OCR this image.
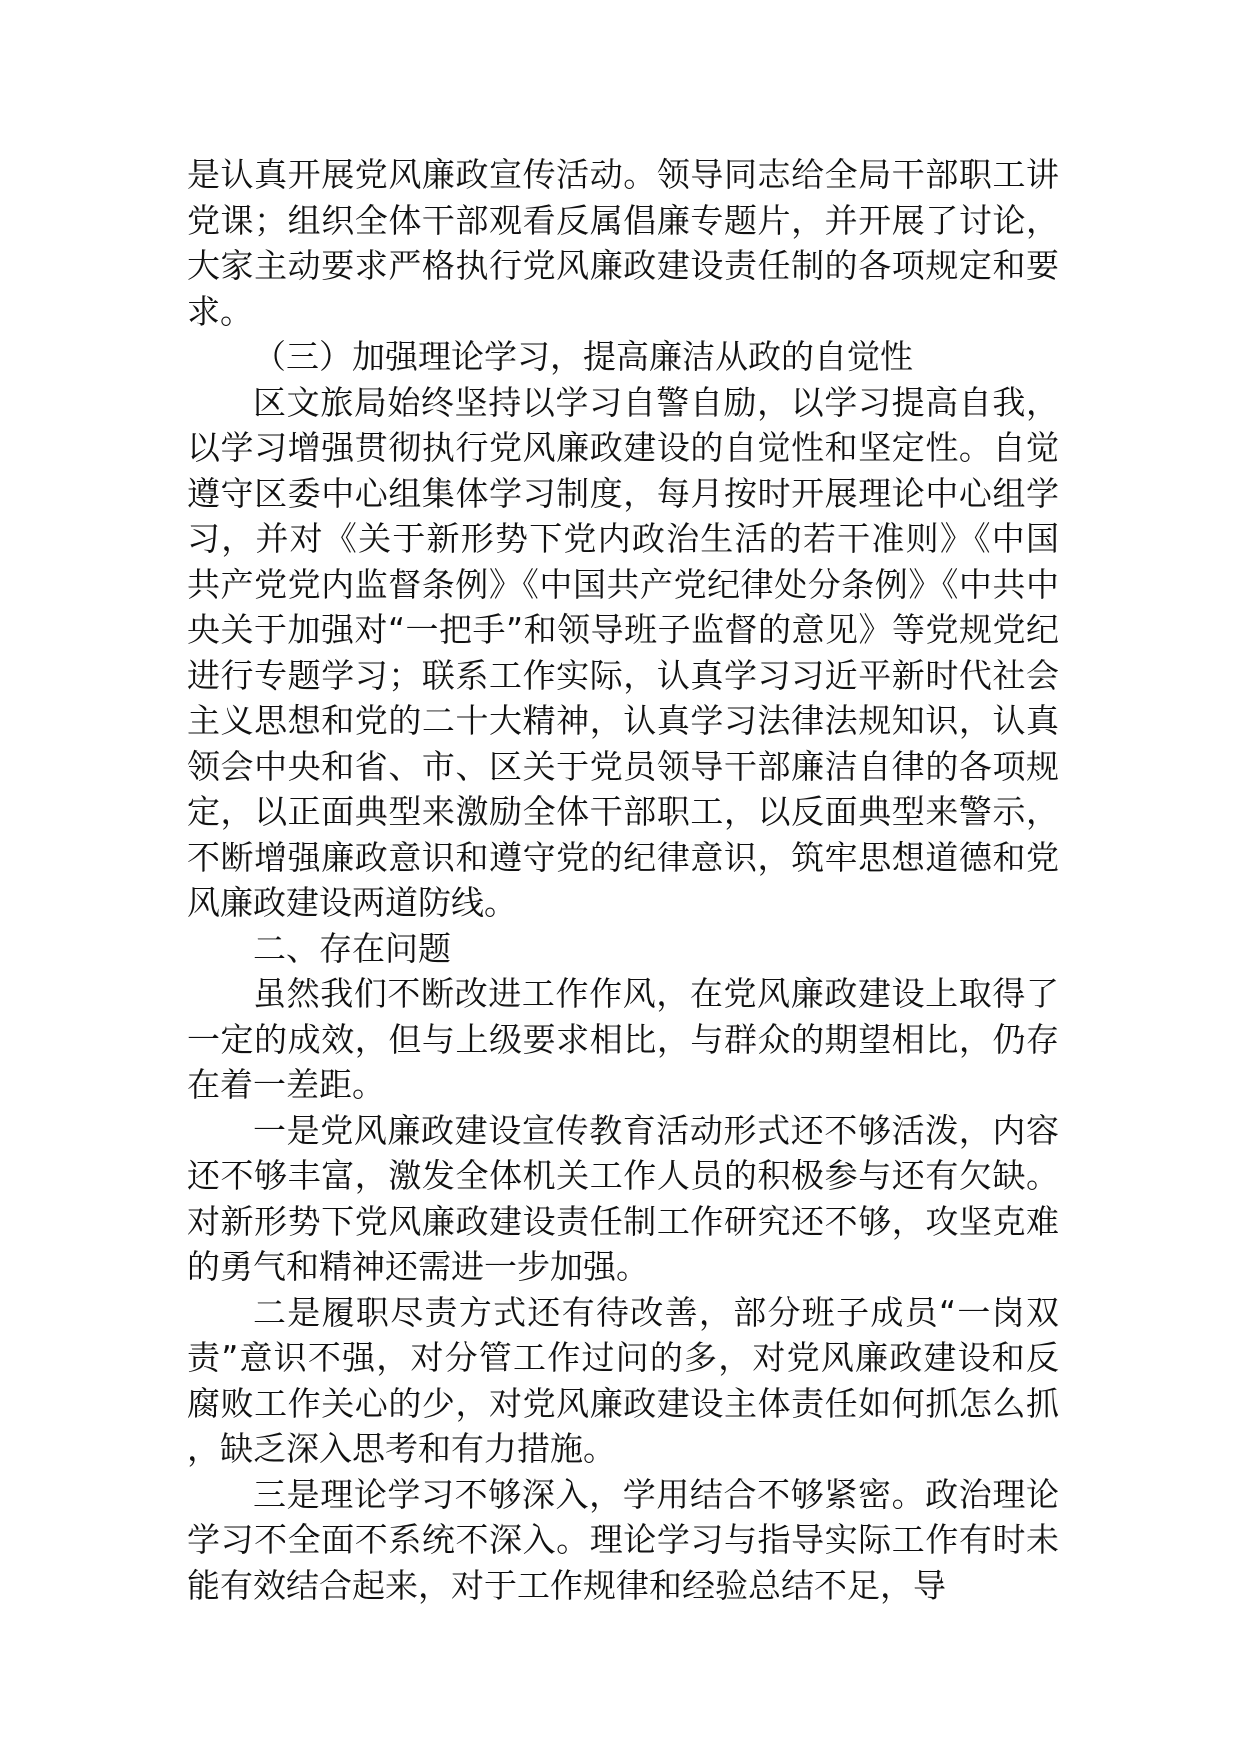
是认真开展党风廉政宣传活动。领导同志给全局干部职工讲党课；组织全体干部观看反属倡廉专题片，并开展了讨论，大家主动要求严格执行党风廉政建设责任制的各项规定和要求。

（三）加强理论学习，提高廉洁从政的自觉性

区文旅局始终坚持以学习自警自励，以学习提高自我，以学习增强贯彻执行党风廉政建设的自觉性和坚定性。自觉遵守区委中心组集体学习制度，每月按时开展理论中心组学习，并对《关于新形势下党内政治生活的若干准则》《中国共产党党内监督条例》《中国共产党纪律处分条例》《中共中央关于加强对“一把手”和领导班子监督的意见》等党规党纪进行专题学习；联系工作实际，认真学习习近平新时代社会主义思想和党的二十大精神，认真学习法律法规知识，认真领会中央和省、市、区关于党员领导干部廉洁自律的各项规定，以正面典型来激励全体干部职工，以反面典型来警示，不断增强廉政意识和遵守党的纪律意识，筑牢思想道德和党风廉政建设两道防线。

二、存在问题

虽然我们不断改进工作作风，在党风廉政建设上取得了一定的成效，但与上级要求相比，与群众的期望相比，仍存在着一差距。

一是党风廉政建设宣传教育活动形式还不够活泼，内容还不够丰富，激发全体机关工作人员的积极参与还有欠缺。对新形势下党风廉政建设责任制工作研究还不够，攻坚克难的勇气和精神还需进一步加强。

二是履职尽责方式还有待改善，部分班子成员“一岗双责”意识不强，对分管工作过问的多，对党风廉政建设和反腐败工作关心的少，对党风廉政建设主体责任如何抓怎么抓，缺乏深入思考和有力措施。

三是理论学习不够深入，学用结合不够紧密。政治理论学习不全面不系统不深入。理论学习与指导实际工作有时未能有效结合起来，对于工作规律和经验总结不足，导
